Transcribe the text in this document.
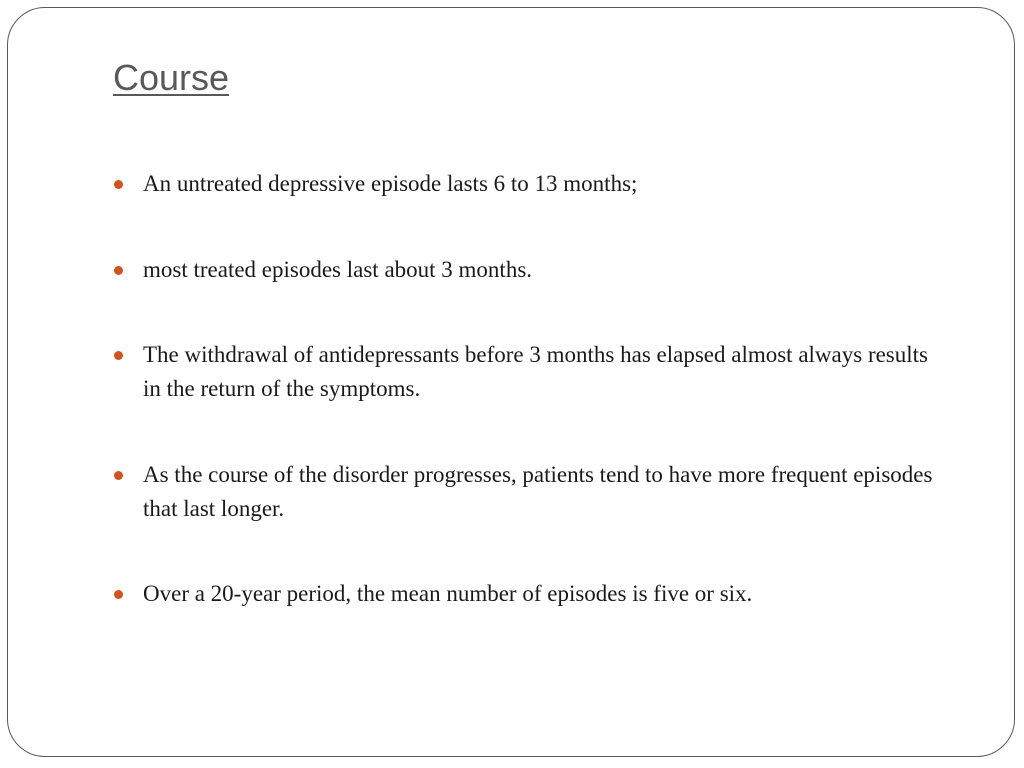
Course
An untreated depressive episode lasts 6 to 13 months;
most treated episodes last about 3 months.
The withdrawal of antidepressants before 3 months has elapsed almost always results in the return of the symptoms.
As the course of the disorder progresses, patients tend to have more frequent episodes that last longer.
Over a 20-year period, the mean number of episodes is five or six.
